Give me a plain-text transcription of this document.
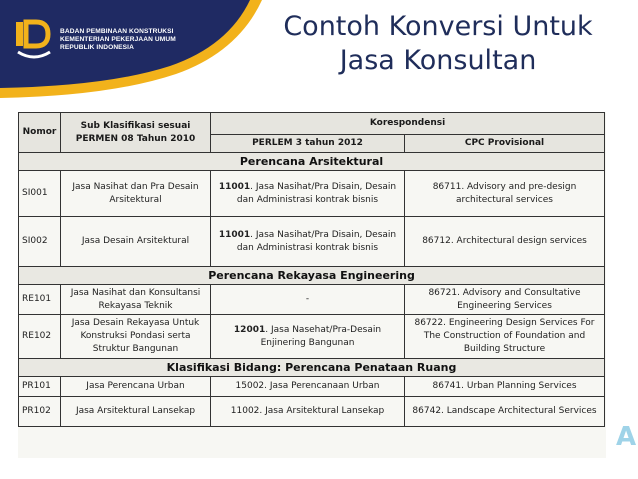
BADAN PEMBINAAN KONSTRUKSI
KEMENTERIAN PEKERJAAN UMUM
REPUBLIK INDONESIA
Contoh Konversi Untuk
Jasa Konsultan
Nomor	Sub Klasifikasi sesuai PERMEN 08 Tahun 2010	Korespondensi	
		PERLEM 3 tahun 2012	CPC Provisional
Perencana Arsitektural			
SI001	Jasa Nasihat dan Pra Desain Arsitektural	11001. Jasa Nasihat/Pra Disain, Desain dan Administrasi kontrak bisnis	86711. Advisory and pre-design architectural services
SI002	Jasa Desain Arsitektural	11001. Jasa Nasihat/Pra Disain, Desain dan Administrasi kontrak bisnis	86712. Architectural design services
Perencana Rekayasa Engineering			
RE101	Jasa Nasihat dan Konsultansi Rekayasa Teknik	-	86721. Advisory and Consultative Engineering Services
RE102	Jasa Desain Rekayasa Untuk Konstruksi Pondasi serta Struktur Bangunan	12001. Jasa Nasehat/Pra-Desain Enjinering Bangunan	86722. Engineering Design Services For The Construction of Foundation and Building Structure
Klasifikasi Bidang: Perencana Penataan Ruang			
PR101	Jasa Perencana Urban	15002. Jasa Perencanaan Urban	86741. Urban Planning Services
PR102	Jasa Arsitektural Lansekap	11002. Jasa Arsitektural Lansekap	86742. Landscape Architectural Services
A
